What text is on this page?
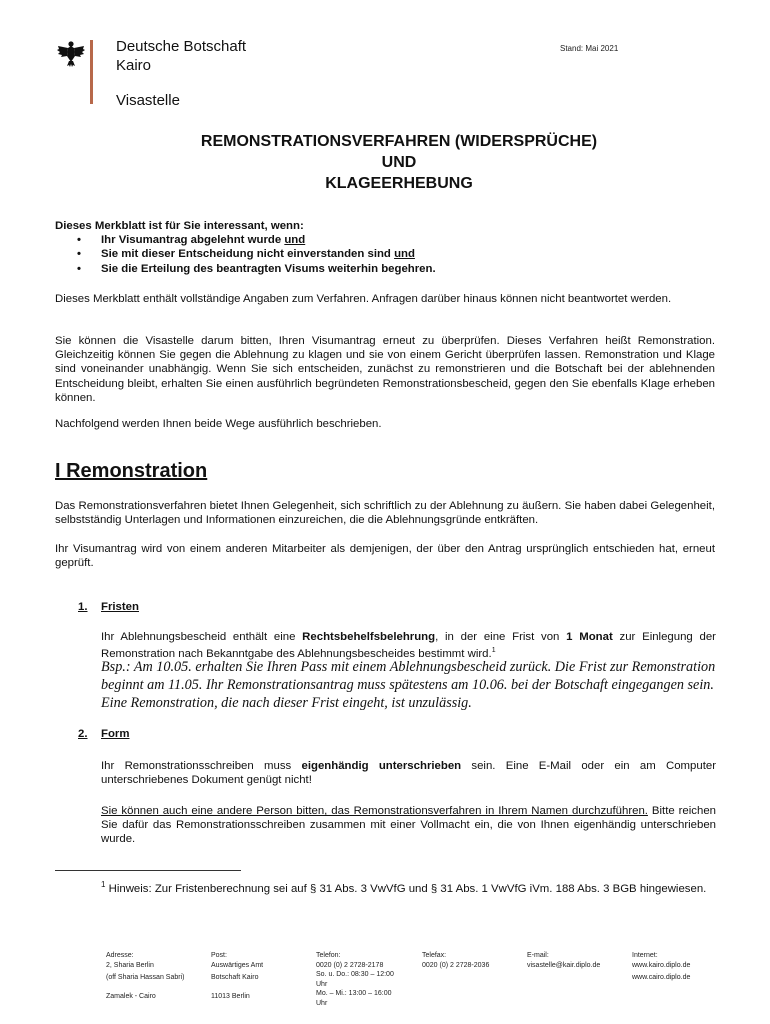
Deutsche Botschaft
Kairo
Visastelle
Stand: Mai 2021
REMONSTRATIONSVERFAHREN (WIDERSPRÜCHE)
UND
KLAGEERHEBUNG
Dieses Merkblatt ist für Sie interessant, wenn:
• Ihr Visumantrag abgelehnt wurde und
• Sie mit dieser Entscheidung nicht einverstanden sind und
• Sie die Erteilung des beantragten Visums weiterhin begehren.
Dieses Merkblatt enthält vollständige Angaben zum Verfahren. Anfragen darüber hinaus können nicht beantwortet werden.
Sie können die Visastelle darum bitten, Ihren Visumantrag erneut zu überprüfen. Dieses Verfahren heißt Remonstration. Gleichzeitig können Sie gegen die Ablehnung zu klagen und sie von einem Gericht überprüfen lassen. Remonstration und Klage sind voneinander unabhängig. Wenn Sie sich entscheiden, zunächst zu remonstrieren und die Botschaft bei der ablehnenden Entscheidung bleibt, erhalten Sie einen ausführlich begründeten Remonstrationsbescheid, gegen den Sie ebenfalls Klage erheben können.
Nachfolgend werden Ihnen beide Wege ausführlich beschrieben.
I Remonstration
Das Remonstrationsverfahren bietet Ihnen Gelegenheit, sich schriftlich zu der Ablehnung zu äußern. Sie haben dabei Gelegenheit, selbstständig Unterlagen und Informationen einzureichen, die die Ablehnungsgründe entkräften.
Ihr Visumantrag wird von einem anderen Mitarbeiter als demjenigen, der über den Antrag ursprünglich entschieden hat, erneut geprüft.
1. Fristen
Ihr Ablehnungsbescheid enthält eine Rechtsbehelfsbelehrung, in der eine Frist von 1 Monat zur Einlegung der Remonstration nach Bekanntgabe des Ablehnungsbescheides bestimmt wird.$^1$
Bsp.: Am 10.05. erhalten Sie Ihren Pass mit einem Ablehnungsbescheid zurück. Die Frist zur Remonstration beginnt am 11.05. Ihr Remonstrationsantrag muss spätestens am 10.06. bei der Botschaft eingegangen sein. Eine Remonstration, die nach dieser Frist eingeht, ist unzulässig.
2. Form
Ihr Remonstrationsschreiben muss eigenhändig unterschrieben sein. Eine E-Mail oder ein am Computer unterschriebenes Dokument genügt nicht!
Sie können auch eine andere Person bitten, das Remonstrationsverfahren in Ihrem Namen durchzuführen. Bitte reichen Sie dafür das Remonstrationsschreiben zusammen mit einer Vollmacht ein, die von Ihnen eigenhändig unterschrieben wurde.
$^1$ Hinweis: Zur Fristenberechnung sei auf § 31 Abs. 3 VwVfG und § 31 Abs. 1 VwVfG iVm. 188 Abs. 3 BGB hingewiesen.
Adresse:
2, Sharia Berlin
(off Sharia Hassan Sabri)
Zamalek - Cairo
Post:
Auswärtiges Amt
Botschaft Kairo
11013 Berlin
Telefon:
0020 (0) 2 2728-2178
So. u. Do.: 08:30 – 12:00
Uhr
Mo. – Mi.: 13:00 – 16:00
Uhr
Telefax:
0020 (0) 2 2728-2036
E-mail:
visastelle@kair.diplo.de
Internet:
www.kairo.diplo.de
www.cairo.diplo.de
